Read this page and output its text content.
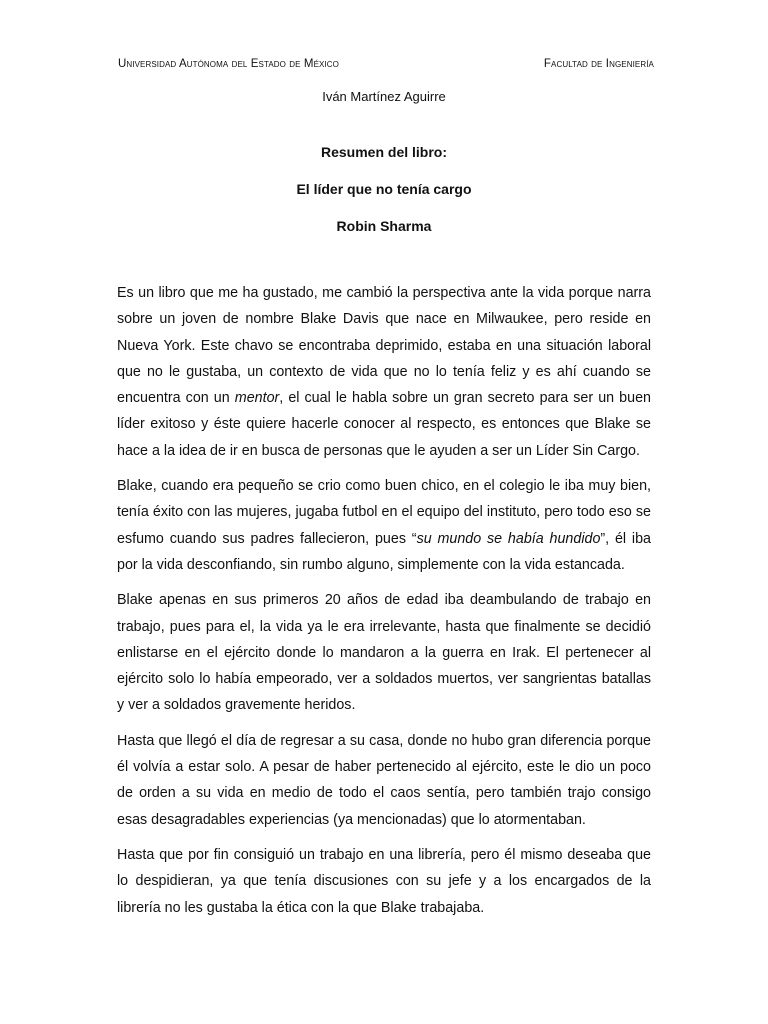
Universidad Autónoma del Estado de México	Facultad de Ingeniería
Iván Martínez Aguirre
Resumen del libro:
El líder que no tenía cargo
Robin Sharma

Es un libro que me ha gustado, me cambió la perspectiva ante la vida porque narra sobre un joven de nombre Blake Davis que nace en Milwaukee, pero reside en Nueva York. Este chavo se encontraba deprimido, estaba en una situación laboral que no le gustaba, un contexto de vida que no lo tenía feliz y es ahí cuando se encuentra con un mentor, el cual le habla sobre un gran secreto para ser un buen líder exitoso y éste quiere hacerle conocer al respecto, es entonces que Blake se hace a la idea de ir en busca de personas que le ayuden a ser un Líder Sin Cargo.

Blake, cuando era pequeño se crio como buen chico, en el colegio le iba muy bien, tenía éxito con las mujeres, jugaba futbol en el equipo del instituto, pero todo eso se esfumo cuando sus padres fallecieron, pues “su mundo se había hundido”, él iba por la vida desconfiando, sin rumbo alguno, simplemente con la vida estancada.

Blake apenas en sus primeros 20 años de edad iba deambulando de trabajo en trabajo, pues para el, la vida ya le era irrelevante, hasta que finalmente se decidió enlistarse en el ejército donde lo mandaron a la guerra en Irak. El pertenecer al ejército solo lo había empeorado, ver a soldados muertos, ver sangrientas batallas y ver a soldados gravemente heridos.

Hasta que llegó el día de regresar a su casa, donde no hubo gran diferencia porque él volvía a estar solo. A pesar de haber pertenecido al ejército, este le dio un poco de orden a su vida en medio de todo el caos sentía, pero también trajo consigo esas desagradables experiencias (ya mencionadas) que lo atormentaban.

Hasta que por fin consiguió un trabajo en una librería, pero él mismo deseaba que lo despidieran, ya que tenía discusiones con su jefe y a los encargados de la librería no les gustaba la ética con la que Blake trabajaba.
